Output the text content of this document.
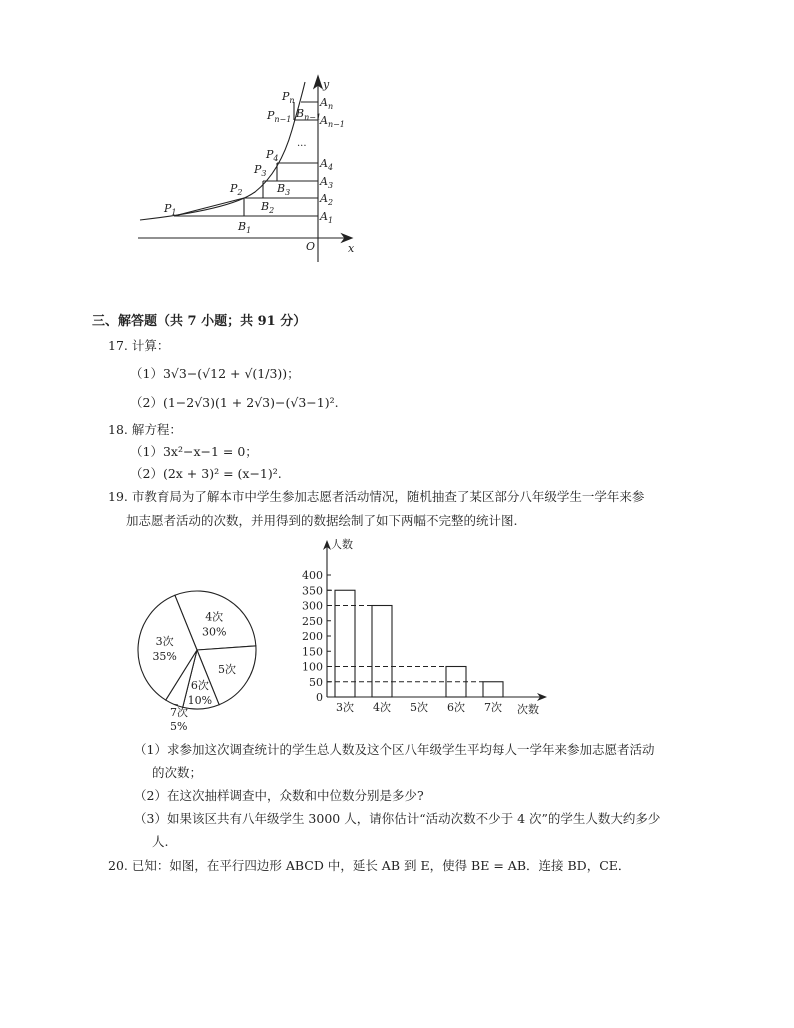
$P_1$
$P_2$
$P_3$
$P_4$
$P_{n-1}$
$P_n$
$B_1$
$B_2$
$B_3$
$B_{n-1}$
$A_1$
$A_2$
$A_3$
$A_4$
$A_{n-1}$
$A_n$
O	x
y
...
三、解答题（共 7 小题；共 91 分）
17. 计算：
（1）3√3−(√12 + √(1/3))；
（2）(1−2√3)(1 + 2√3)−(√3−1)².
18. 解方程：
（1）3x²−x−1 = 0；
（2）(2x + 3)² = (x−1)².
19. 市教育局为了解本市中学生参加志愿者活动情况，随机抽查了某区部分八年级学生一学年来参
加志愿者活动的次数，并用得到的数据绘制了如下两幅不完整的统计图.
4次
30%
5次
6次
10%
7次
5%
3次
35%
人数
次数
0
50
100
150
200
250
300
350
400
3次 4次 5次 6次 7次
（1）求参加这次调查统计的学生总人数及这个区八年级学生平均每人一学年来参加志愿者活动
的次数；
（2）在这次抽样调查中，众数和中位数分别是多少?
（3）如果该区共有八年级学生 3000 人，请你估计“活动次数不少于 4 次”的学生人数大约多少
人.
20. 已知：如图，在平行四边形 ABCD 中，延长 AB 到 E，使得 BE = AB．连接 BD，CE．
